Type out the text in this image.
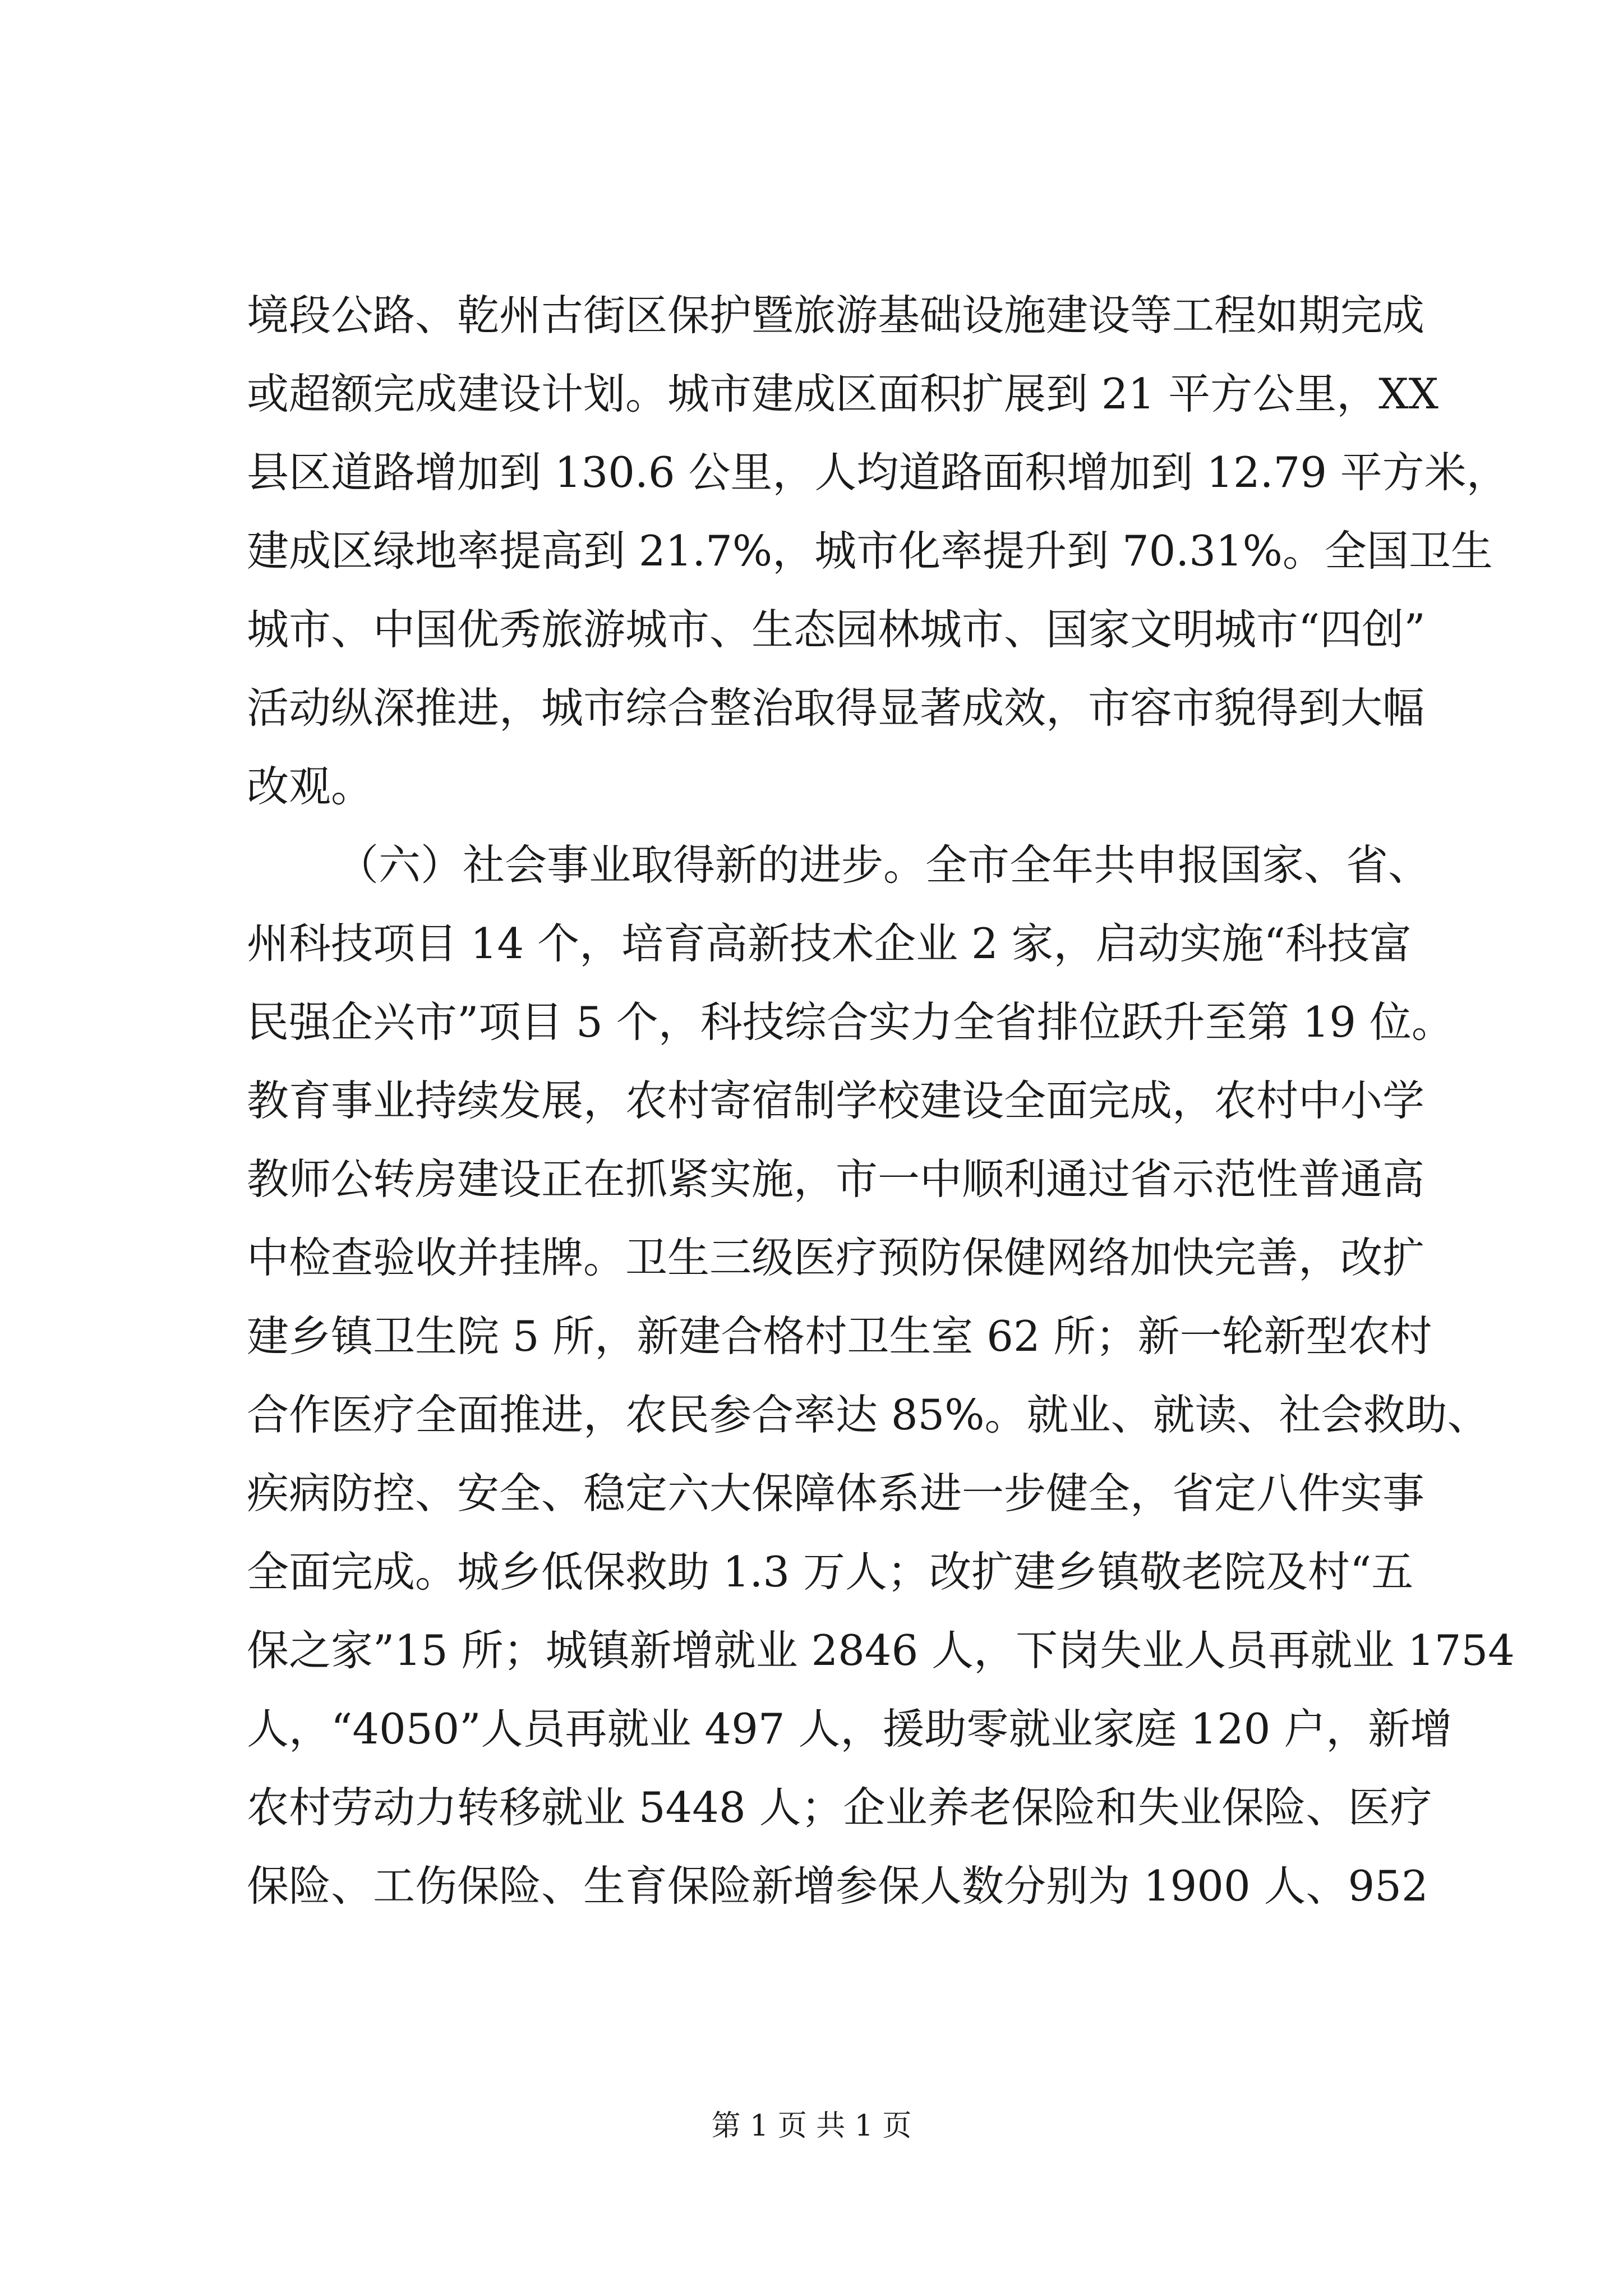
境段公路、乾州古街区保护暨旅游基础设施建设等工程如期完成
或超额完成建设计划。城市建成区面积扩展到 21 平方公里，XX
县区道路增加到 130.6 公里，人均道路面积增加到 12.79 平方米，
建成区绿地率提高到 21.7%，城市化率提升到 70.31%。全国卫生
城市、中国优秀旅游城市、生态园林城市、国家文明城市“四创”
活动纵深推进，城市综合整治取得显著成效，市容市貌得到大幅
改观。
（六）社会事业取得新的进步。全市全年共申报国家、省、
州科技项目 14 个，培育高新技术企业 2 家，启动实施“科技富
民强企兴市”项目 5 个，科技综合实力全省排位跃升至第 19 位。
教育事业持续发展，农村寄宿制学校建设全面完成，农村中小学
教师公转房建设正在抓紧实施，市一中顺利通过省示范性普通高
中检查验收并挂牌。卫生三级医疗预防保健网络加快完善，改扩
建乡镇卫生院 5 所，新建合格村卫生室 62 所；新一轮新型农村
合作医疗全面推进，农民参合率达 85%。就业、就读、社会救助、
疾病防控、安全、稳定六大保障体系进一步健全，省定八件实事
全面完成。城乡低保救助 1.3 万人；改扩建乡镇敬老院及村“五
保之家”15 所；城镇新增就业 2846 人，下岗失业人员再就业 1754
人，“4050”人员再就业 497 人，援助零就业家庭 120 户，新增
农村劳动力转移就业 5448 人；企业养老保险和失业保险、医疗
保险、工伤保险、生育保险新增参保人数分别为 1900 人、952
第 1 页 共 1 页
